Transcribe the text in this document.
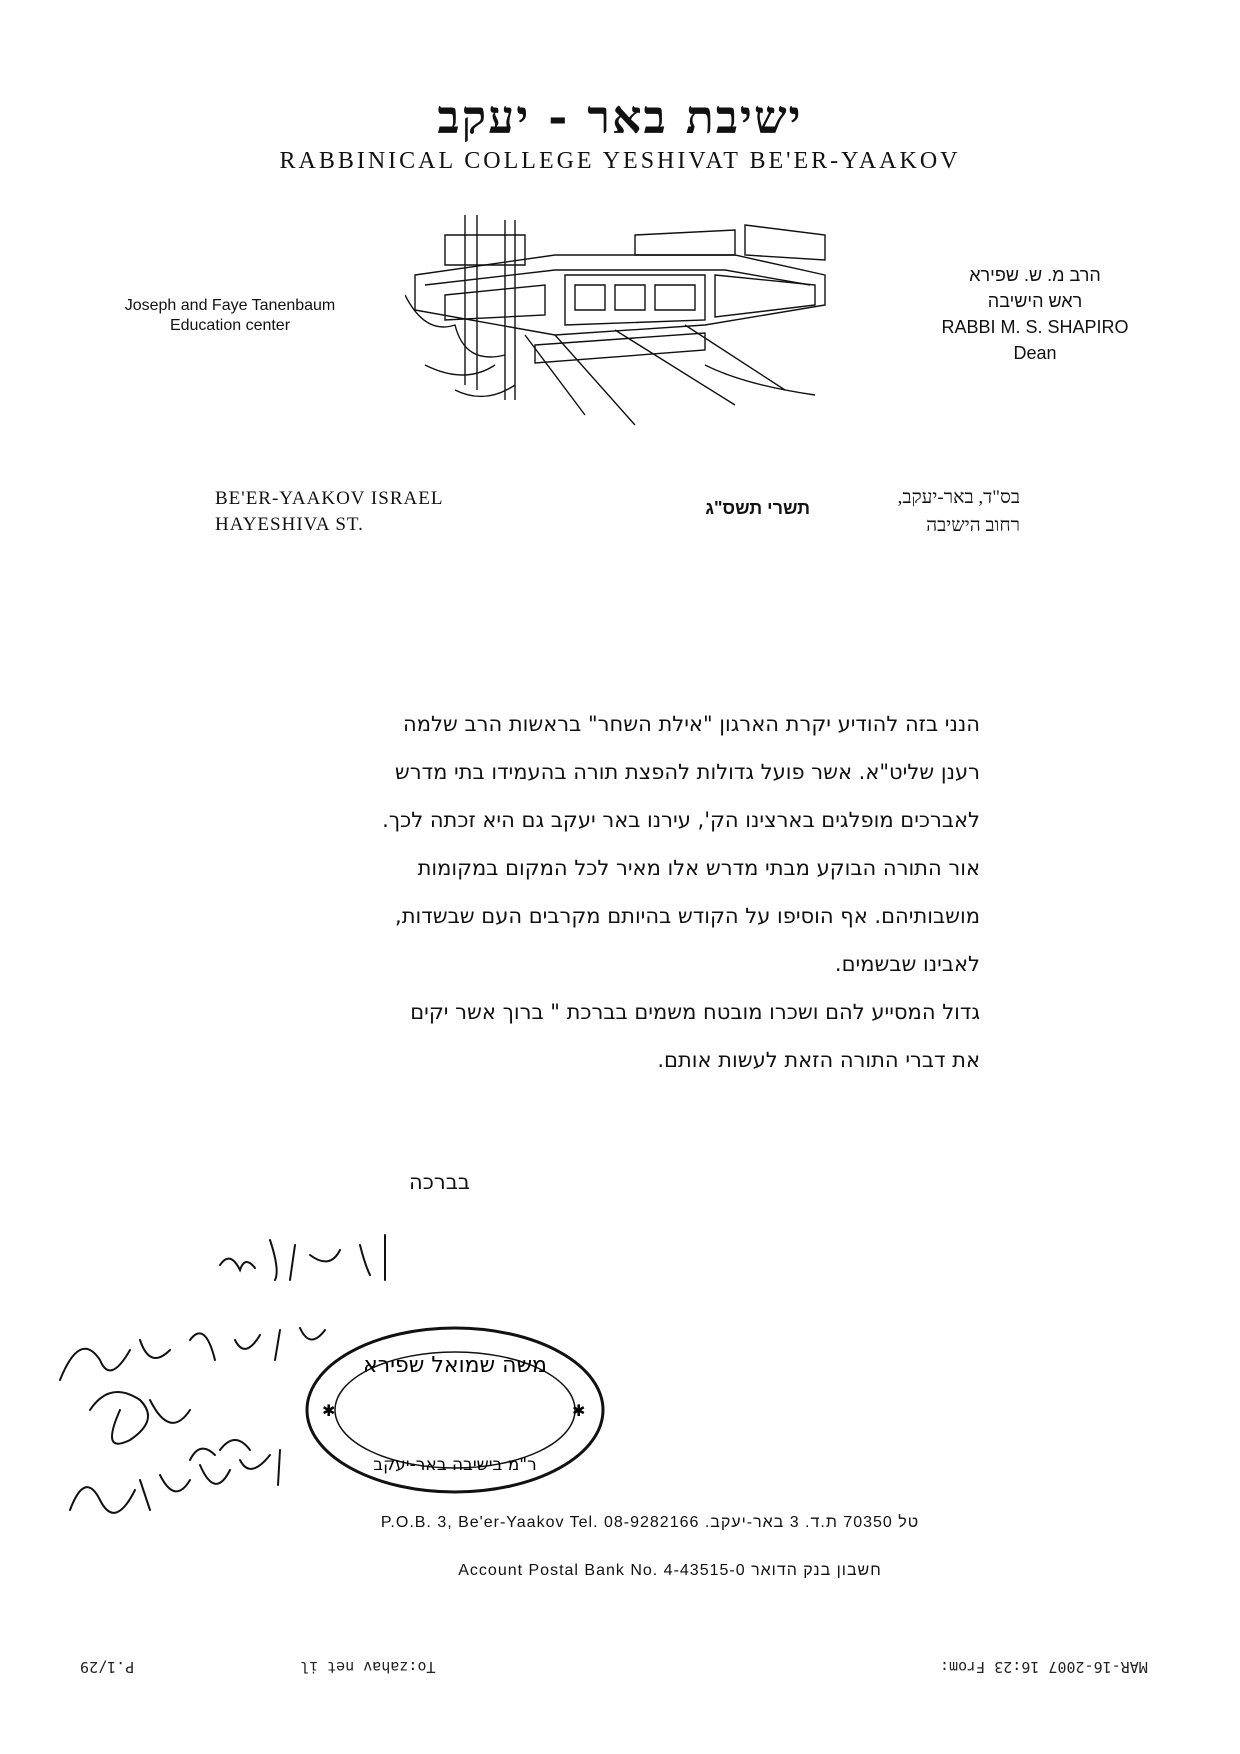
ישיבת באר - יעקב
RABBINICAL COLLEGE YESHIVAT BE'ER-YAAKOV
Joseph and Faye Tanenbaum
Education center
הרב מ. ש. שפירא
ראש הישיבה
RABBI M. S. SHAPIRO
Dean
BE'ER-YAAKOV ISRAEL
HAYESHIVA ST.
תשרי תשס"ג	בס"ד, באר-יעקב,
רחוב הישיבה

הנני בזה להודיע יקרת הארגון "אילת השחר" בראשות הרב שלמה
רענן שליט"א. אשר פועל גדולות להפצת תורה בהעמידו בתי מדרש
לאברכים מופלגים בארצינו הק', עירנו באר יעקב גם היא זכתה לכך.
אור התורה הבוקע מבתי מדרש אלו מאיר לכל המקום במקומות
מושבותיהם. אף הוסיפו על הקודש בהיותם מקרבים העם שבשדות,
לאבינו שבשמים.

גדול המסייע להם ושכרו מובטח משמים בברכת " ברוך אשר יקים
את דברי התורה הזאת לעשות אותם.

בברכה
משה שמואל שפירא
ר"מ בישיבה באר-יעקב
✱	✱
P.O.B. 3, Be'er-Yaakov Tel. 08-9282166 .טל 70350 ת.ד. 3 באר-יעקב
Account Postal Bank No. 4-43515-0 חשבון בנק הדואר
P.1/29	To:zahav net il	MAR-16-2007 16:23 From:
